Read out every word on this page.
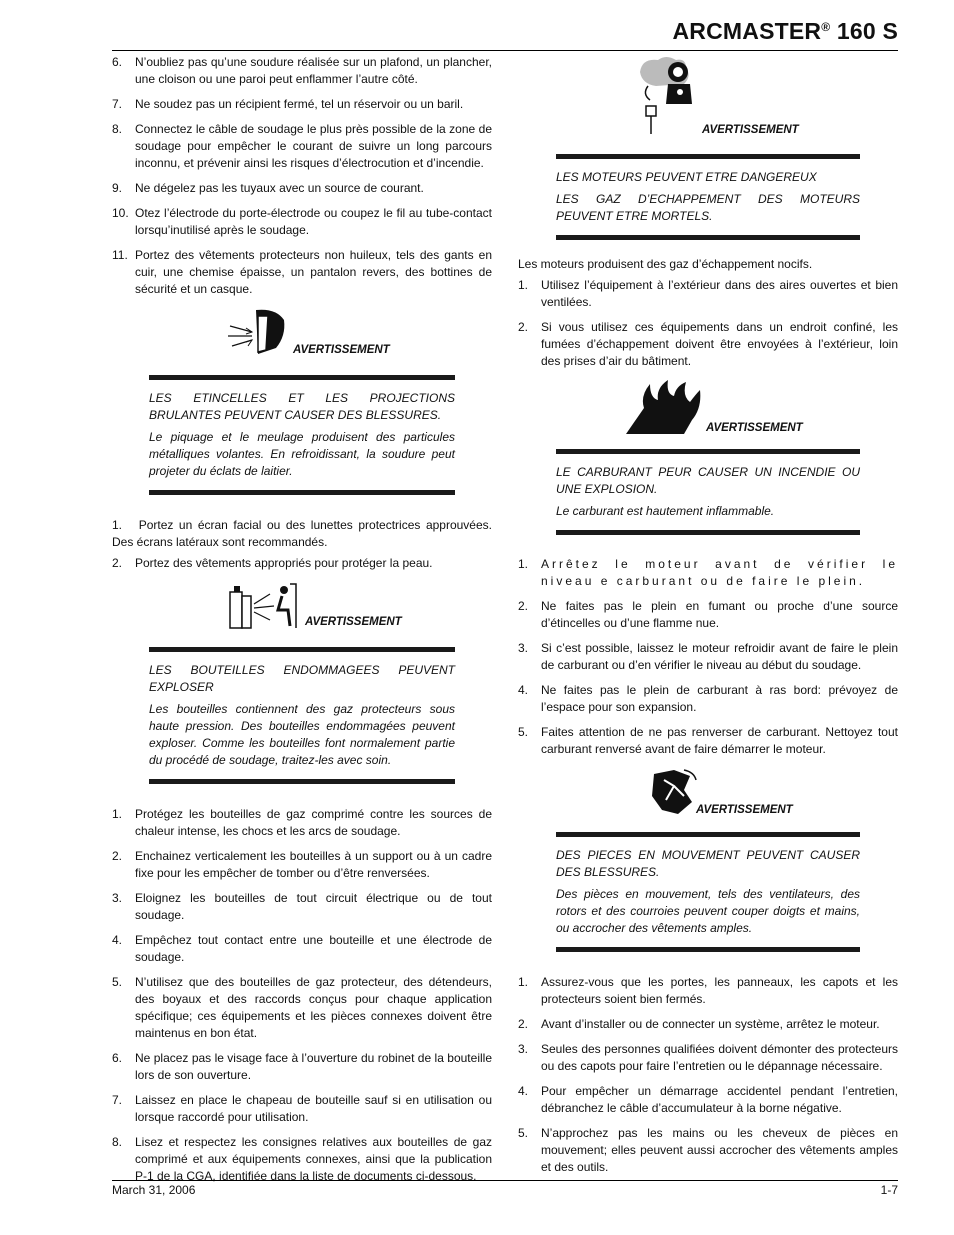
ARCMASTER® 160 S
6.	N’oubliez pas qu’une soudure réalisée sur un plafond, un plancher, une cloison ou une paroi peut enflammer l’autre côté.
7.	Ne soudez pas un récipient fermé, tel un réservoir ou un baril.
8.	Connectez le câble de soudage le plus près possible de la zone de soudage pour empêcher le courant de suivre un long parcours inconnu, et prévenir ainsi les risques d’électrocution et d’incendie.
9.	Ne dégelez pas les tuyaux avec un source de courant.
10. Otez l’électrode du porte-électrode ou coupez le fil au tube-contact lorsqu’inutilisé après le soudage.
11. Portez des vêtements protecteurs non huileux, tels des gants en cuir, une chemise épaisse, un pantalon revers, des bottines de sécurité et un casque.
AVERTISSEMENT

LES ETINCELLES ET LES PROJECTIONS BRULANTES PEUVENT CAUSER DES BLESSURES.

Le piquage et le meulage produisent des particules métalliques volantes. En refroidissant, la soudure peut projeter du éclats de laitier.

1. Portez un écran facial ou des lunettes protectrices approuvées. Des écrans latéraux sont recommandés.
2.	Portez des vêtements appropriés pour protéger la peau.
AVERTISSEMENT

LES BOUTEILLES ENDOMMAGEES PEUVENT EXPLOSER

Les bouteilles contiennent des gaz protecteurs sous haute pression. Des bouteilles endommagées peuvent exploser. Comme les bouteilles font normalement partie du procédé de soudage, traitez-les avec soin.

1.	Protégez les bouteilles de gaz comprimé contre les sources de chaleur intense, les chocs et les arcs de soudage.
2.	Enchainez verticalement les bouteilles à un support ou à un cadre fixe pour les empêcher de tomber ou d’être renversées.
3.	Eloignez les bouteilles de tout circuit électrique ou de tout soudage.
4.	Empêchez tout contact entre une bouteille et une électrode de soudage.
5.	N’utilisez que des bouteilles de gaz protecteur, des détendeurs, des boyaux et des raccords conçus pour chaque application spécifique; ces équipements et les pièces connexes doivent être maintenus en bon état.
6.	Ne placez pas le visage face à l’ouverture du robinet de la bouteille lors de son ouverture.
7.	Laissez en place le chapeau de bouteille sauf si en utilisation ou lorsque raccordé pour utilisation.
8.	Lisez et respectez les consignes relatives aux bouteilles de gaz comprimé et aux équipements connexes, ainsi que la publication P-1 de la CGA, identifiée dans la liste de documents ci-dessous.
AVERTISSEMENT

LES MOTEURS PEUVENT ETRE DANGEREUX

LES GAZ D’ECHAPPEMENT DES MOTEURS PEUVENT ETRE MORTELS.

Les moteurs produisent des gaz d’échappement nocifs.
1.	Utilisez l’équipement à l’extérieur dans des aires ouvertes et bien ventilées.
2.	Si vous utilisez ces équipements dans un endroit confiné, les fumées d’échappement doivent être envoyées à l’extérieur, loin des prises d’air du bâtiment.
AVERTISSEMENT

LE CARBURANT PEUR CAUSER UN INCENDIE OU UNE EXPLOSION.

Le carburant est hautement inflammable.

1.	Arrêtez le moteur avant de vérifier le niveau e carburant ou de faire le plein.
2.	Ne faites pas le plein en fumant ou proche d’une source d’étincelles ou d’une flamme nue.
3.	Si c’est possible, laissez le moteur refroidir avant de faire le plein de carburant ou d’en vérifier le niveau au début du soudage.
4.	Ne faites pas le plein de carburant à ras bord: prévoyez de l’espace pour son expansion.
5.	Faites attention de ne pas renverser de carburant. Nettoyez tout carburant renversé avant de faire démarrer le moteur.
AVERTISSEMENT

DES PIECES EN MOUVEMENT PEUVENT CAUSER DES BLESSURES.

Des pièces en mouvement, tels des ventilateurs, des rotors et des courroies peuvent couper doigts et mains, ou accrocher des vêtements amples.

1.	Assurez-vous que les portes, les panneaux, les capots et les protecteurs soient bien fermés.
2.	Avant d’installer ou de connecter un système, arrêtez le moteur.
3.	Seules des personnes qualifiées doivent démonter des protecteurs ou des capots pour faire l’entretien ou le dépannage nécessaire.
4.	Pour empêcher un démarrage accidentel pendant l’entretien, débranchez le câble d’accumulateur à la borne négative.
5.	N’approchez pas les mains ou les cheveux de pièces en mouvement; elles peuvent aussi accrocher des vêtements amples et des outils.
March 31, 2006	1-7
